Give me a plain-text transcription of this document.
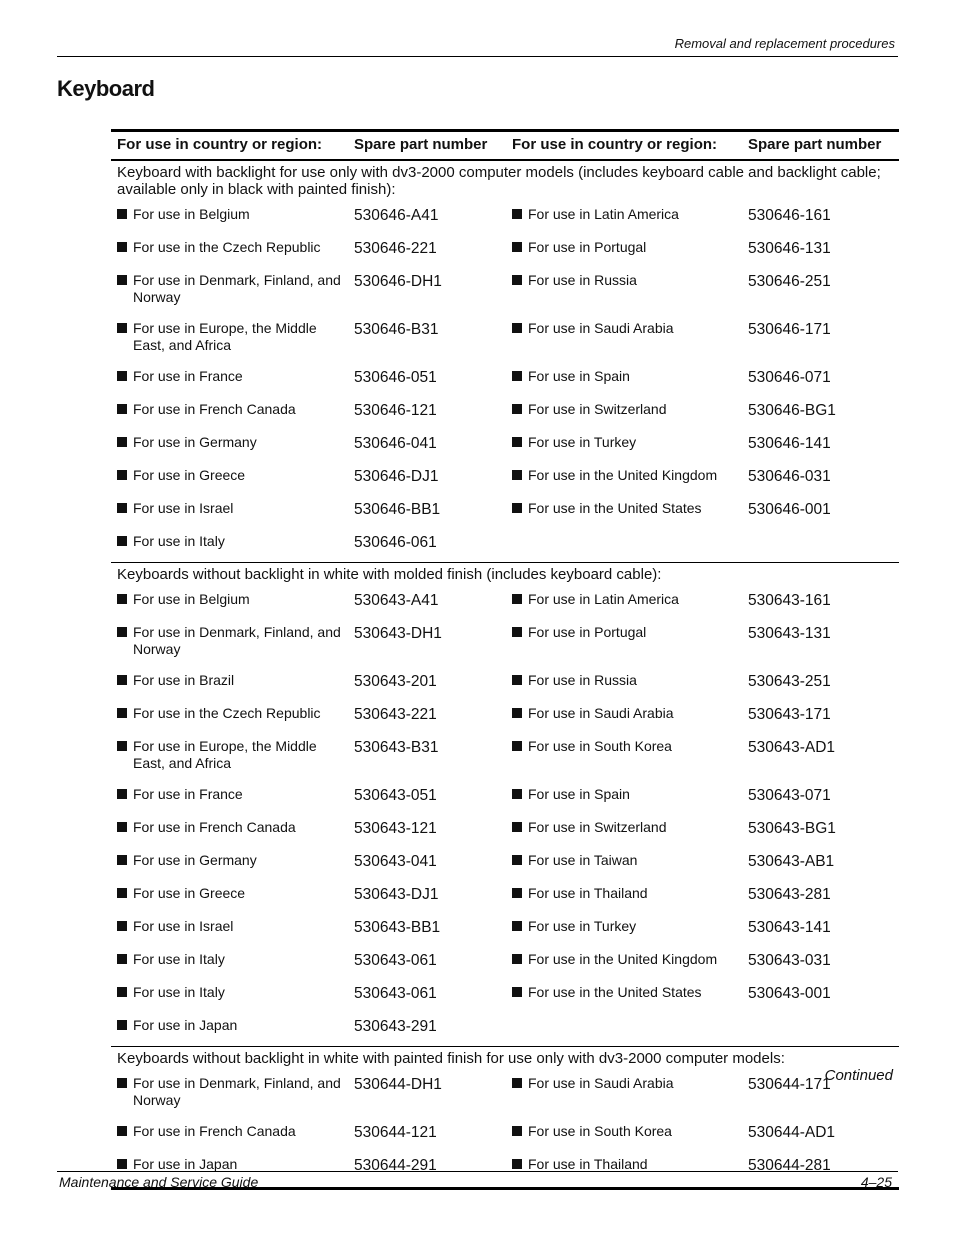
Removal and replacement procedures
Keyboard
For use in country or region:	Spare part number	For use in country or region:	Spare part number
Keyboard with backlight for use only with dv3-2000 computer models (includes keyboard cable and backlight cable; available only in black with painted finish):			

For use in Belgium	530646-A41	For use in Latin America	530646-161

For use in the Czech Republic	530646-221	For use in Portugal	530646-131

For use in Denmark, Finland, and Norway	530646-DH1	For use in Russia	530646-251

For use in Europe, the Middle East, and Africa	530646-B31	For use in Saudi Arabia	530646-171

For use in France	530646-051	For use in Spain	530646-071

For use in French Canada	530646-121	For use in Switzerland	530646-BG1

For use in Germany	530646-041	For use in Turkey	530646-141

For use in Greece	530646-DJ1	For use in the United Kingdom	530646-031

For use in Israel	530646-BB1	For use in the United States	530646-001

For use in Italy	530646-061		
Keyboards without backlight in white with molded finish (includes keyboard cable):			

For use in Belgium	530643-A41	For use in Latin America	530643-161

For use in Denmark, Finland, and Norway	530643-DH1	For use in Portugal	530643-131

For use in Brazil	530643-201	For use in Russia	530643-251

For use in the Czech Republic	530643-221	For use in Saudi Arabia	530643-171

For use in Europe, the Middle East, and Africa	530643-B31	For use in South Korea	530643-AD1

For use in France	530643-051	For use in Spain	530643-071

For use in French Canada	530643-121	For use in Switzerland	530643-BG1

For use in Germany	530643-041	For use in Taiwan	530643-AB1

For use in Greece	530643-DJ1	For use in Thailand	530643-281

For use in Israel	530643-BB1	For use in Turkey	530643-141

For use in Italy	530643-061	For use in the United Kingdom	530643-031

For use in Italy	530643-061	For use in the United States	530643-001

For use in Japan	530643-291		
Keyboards without backlight in white with painted finish for use only with dv3-2000 computer models:			

For use in Denmark, Finland, and Norway	530644-DH1	For use in Saudi Arabia	530644-171

For use in French Canada	530644-121	For use in South Korea	530644-AD1

For use in Japan	530644-291	For use in Thailand	530644-281
Continued
Maintenance and Service Guide	4–25
